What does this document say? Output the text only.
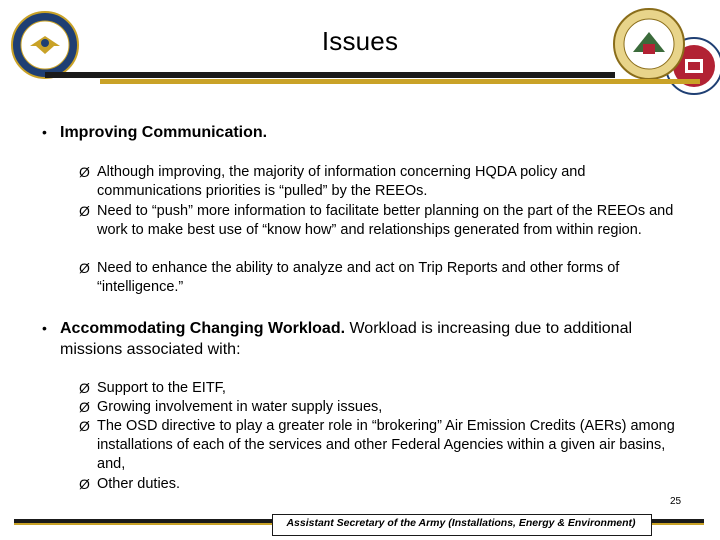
Issues
• Improving Communication.
Ø Although improving, the majority of information concerning HQDA policy and communications priorities is “pulled” by the REEOs.
Ø Need to “push” more information to facilitate better planning on the part of the REEOs and work to make best use of “know how” and relationships generated from within region.
Ø Need to enhance the ability to analyze and act on Trip Reports and other forms of “intelligence.”
• Accommodating Changing Workload. Workload is increasing due to additional missions associated with:
Ø Support to the EITF,
Ø Growing involvement in water supply issues,
Ø The OSD directive to play a greater role in “brokering” Air Emission Credits (AERs) among installations of each of the services and other Federal Agencies within a given air basins, and,
Ø Other duties.
25
Assistant Secretary of the Army (Installations, Energy & Environment)
